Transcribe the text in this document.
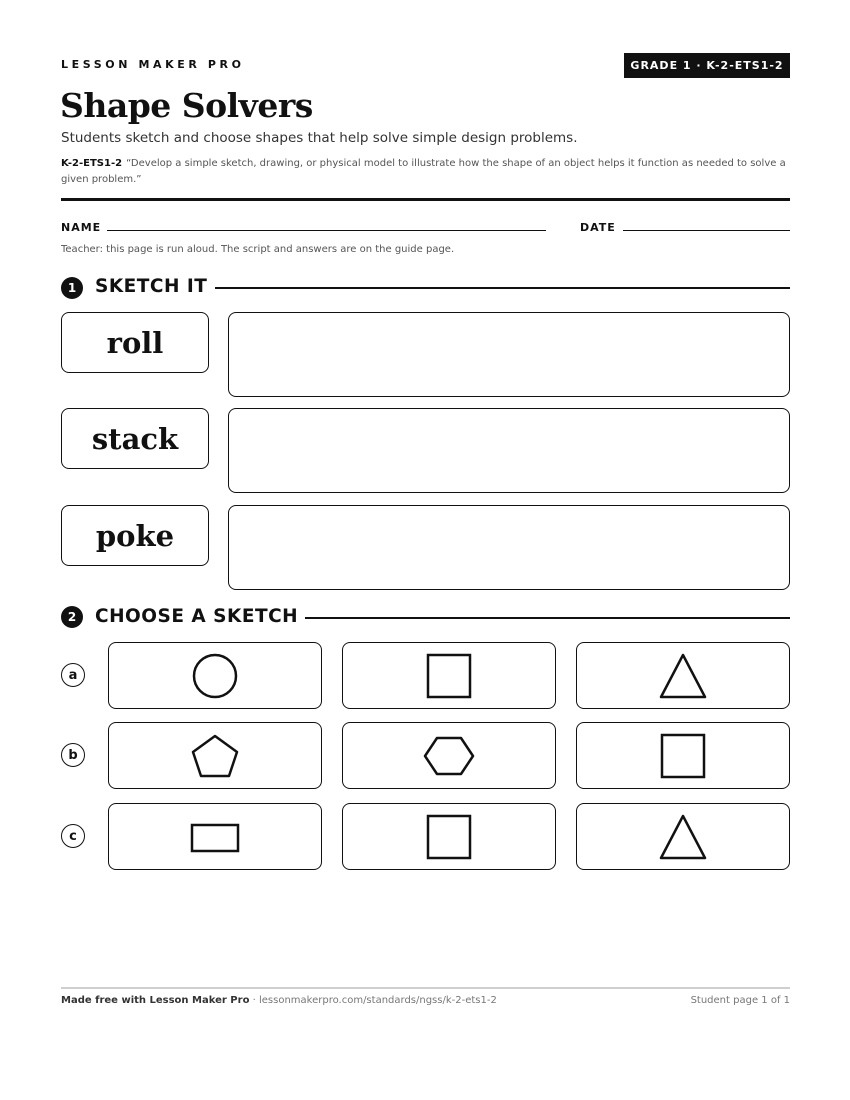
LESSON MAKER PRO	GRADE 1 · K-2-ETS1-2
Shape Solvers
Students sketch and choose shapes that help solve simple design problems.
K-2-ETS1-2 “Develop a simple sketch, drawing, or physical model to illustrate how the shape of an object helps it function as needed to solve a given problem.”
NAME	DATE
Teacher: this page is run aloud. The script and answers are on the guide page.
1	SKETCH IT
roll
stack
poke
2	CHOOSE A SKETCH
a
b
c
Made free with Lesson Maker Pro · lessonmakerpro.com/standards/ngss/k-2-ets1-2	Student page 1 of 1
